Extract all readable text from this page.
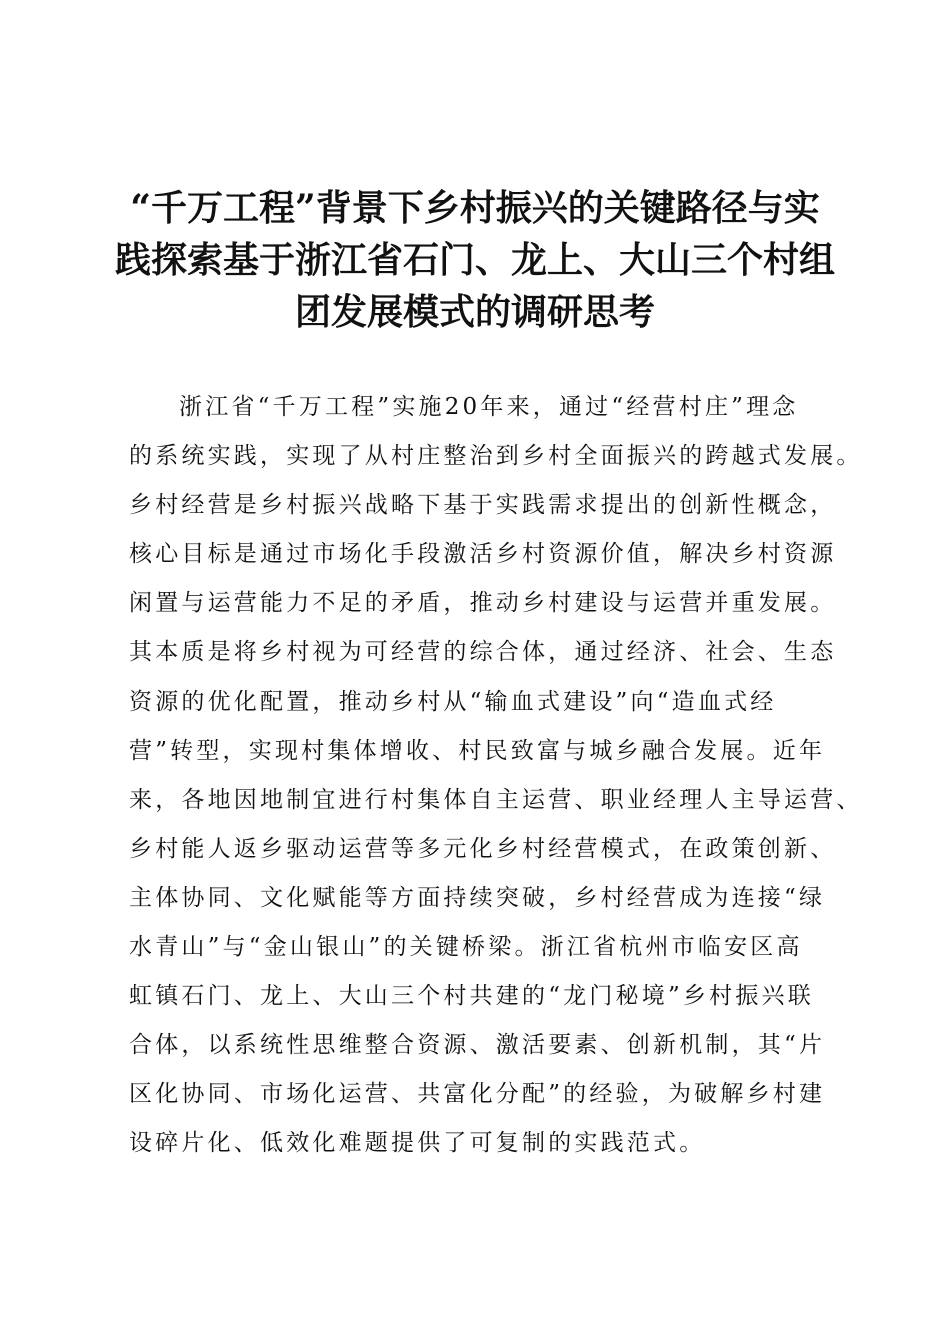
“千万工程”背景下乡村振兴的关键路径与实
践探索基于浙江省石门、龙上、大山三个村组
团发展模式的调研思考
浙江省“千万工程”实施20年来，通过“经营村庄”理念
的系统实践，实现了从村庄整治到乡村全面振兴的跨越式发展。
乡村经营是乡村振兴战略下基于实践需求提出的创新性概念，
核心目标是通过市场化手段激活乡村资源价值，解决乡村资源
闲置与运营能力不足的矛盾，推动乡村建设与运营并重发展。
其本质是将乡村视为可经营的综合体，通过经济、社会、生态
资源的优化配置，推动乡村从“输血式建设”向“造血式经
营”转型，实现村集体增收、村民致富与城乡融合发展。近年
来，各地因地制宜进行村集体自主运营、职业经理人主导运营、
乡村能人返乡驱动运营等多元化乡村经营模式，在政策创新、
主体协同、文化赋能等方面持续突破，乡村经营成为连接“绿
水青山”与“金山银山”的关键桥梁。浙江省杭州市临安区高
虹镇石门、龙上、大山三个村共建的“龙门秘境”乡村振兴联
合体，以系统性思维整合资源、激活要素、创新机制，其“片
区化协同、市场化运营、共富化分配”的经验，为破解乡村建
设碎片化、低效化难题提供了可复制的实践范式。
